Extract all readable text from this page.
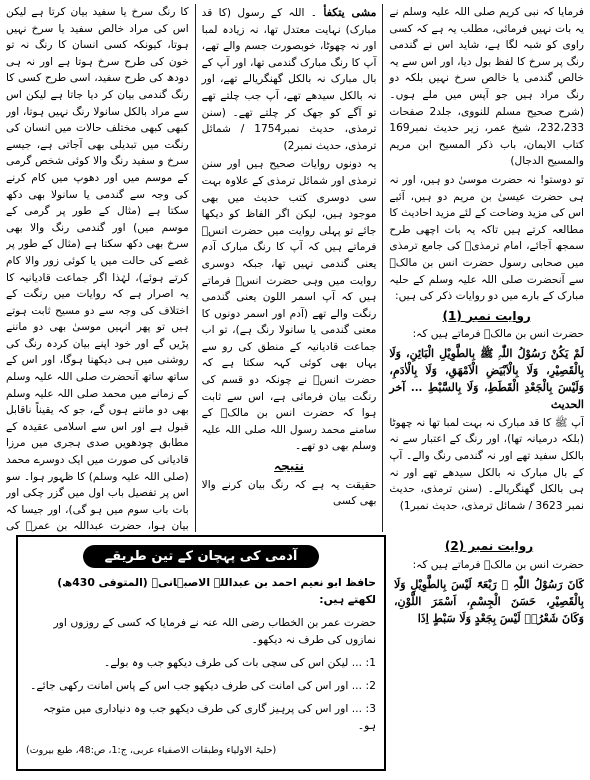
فرمایا کہ نبی کریم صلی اللہ علیہ وسلم نے یہ بات نہیں فرمائی، مطلب یہ ہے کہ کسی راوی کو شبہ لگا ہے، شاید اس نے گندمی رنگ پر سرخ کا لفظ بول دیا، اور اس سے یہ خالص گندمی یا خالص سرخ نہیں بلکہ دو رنگ مراد ہیں جو آپس میں ملے ہوں۔ (شرح صحیح مسلم للنووی، جلد2 صفحات 232،233، شیخ عمر، زیر حدیث نمبر169 کتاب الایمان، باب ذکر المسیح ابن مریم والمسیح الدجال)

تو دوستو! نہ حضرت موسیٰ دو ہیں، اور نہ ہی حضرت عیسیٰ بن مریم دو ہیں، آئیے اس کی مزید وضاحت کے لئے مزید احادیث کا مطالعہ کرتے ہیں تاکہ یہ بات اچھی طرح سمجھ آجائے، امام ترمذیؒ کی جامع ترمذی میں صحابی رسول حضرت انس بن مالکؓ سے آنحضرت صلی اللہ علیہ وسلم کے حلیہ مبارک کے بارے میں دو روایات ذکر کی ہیں:

روایت نمبر (1)

حضرت انس بن مالکؓ فرماتے ہیں کہ:

لَمْ یَکُنْ رَسُوْلُ اللّٰہِ ﷺ بِالطَّوِیْلِ الْبَائِنِ، وَلَا بِالْقَصِیْرِ، وَلَا بِالْاَبْیَضِ الْاَمْھَقِ، وَلَا بِالْاٰدَمِ، وَلَیْسَ بِالْجَعْدِ الْقَطَطِ، وَلَا بِالسَّبْطِ ... آخر الحدیث

آپ ﷺ کا قد مبارک نہ بہت لمبا تھا نہ چھوٹا (بلکہ درمیانہ تھا)، اور رنگ کے اعتبار سے نہ بالکل سفید تھے اور نہ گندمی رنگ والے۔ آپ کے بال مبارک نہ بالکل سیدھے تھے اور نہ ہی بالکل گھنگریالے۔ (سنن ترمذی، حدیث نمبر 3623 / شمائل ترمذی، حدیث نمبر1)

مشی یتکفأ ۔ اللہ کے رسول (کا قد مبارک) نہایت معتدل تھا، نہ زیادہ لمبا اور نہ چھوٹا، خوبصورت جسم والے تھے، آپ کا رنگ مبارک گندمی تھا، اور آپ کے بال مبارک نہ بالکل گھنگریالے تھے، اور نہ بالکل سیدھے تھے، آپ جب چلتے تھے تو آگے کو جھک کر چلتے تھے۔ (سنن ترمذی، حدیث نمبر1754 / شمائل ترمذی، حدیث نمبر2)

یہ دونوں روایات صحیح ہیں اور سنن ترمذی اور شمائل ترمذی کے علاوہ بہت سی دوسری کتب حدیث میں بھی موجود ہیں، لیکن اگر الفاظ کو دیکھا جائے تو پہلی روایت میں حضرت انسؓ فرماتے ہیں کہ آپ کا رنگ مبارک آدم یعنی گندمی نہیں تھا، جبکہ دوسری روایت میں وہی حضرت انسؓ فرماتے ہیں کہ آپ اسمر اللون یعنی گندمی رنگت والے تھے (آدم اور اسمر دونوں کا معنی گندمی یا سانولا رنگ ہے)، تو اب جماعت قادیانیہ کے منطق کی رو سے یہاں بھی کوئی کہہ سکتا ہے کہ حضرت انسؓ نے چونکہ دو قسم کی رنگت بیان فرمائی ہے، اس سے ثابت ہوا کہ حضرت انس بن مالکؓ کے سامنے محمد رسول اللہ صلی اللہ علیہ وسلم بھی دو تھے۔

نتیجہ

حقیقت یہ ہے کہ رنگ بیان کرنے والا بھی کسی

کا رنگ سرخ یا سفید بیان کرتا ہے لیکن اس کی مراد خالص سفید یا سرخ نہیں ہوتا، کیونکہ کسی انسان کا رنگ نہ تو خون کی طرح سرخ ہوتا ہے اور نہ ہی دودھ کی طرح سفید، اسی طرح کسی کا رنگ گندمی بیان کر دیا جاتا ہے لیکن اس سے مراد بالکل سانولا رنگ نہیں ہوتا، اور کبھی کبھی مختلف حالات میں انسان کی رنگت میں تبدیلی بھی آجاتی ہے، جیسے سرخ و سفید رنگ والا کوئی شخص گرمی کے موسم میں اور دھوپ میں کام کرنے کی وجہ سے گندمی یا سانولا بھی دکھ سکتا ہے (مثال کے طور پر گرمی کے موسم میں) اور گندمی رنگ والا بھی سرخ بھی دکھ سکتا ہے (مثال کے طور پر غصے کی حالت میں یا کوئی زور والا کام کرتے ہوئے)، لہٰذا اگر جماعت قادیانیہ کا یہ اصرار ہے کہ روایات میں رنگت کے اختلاف کی وجہ سے دو مسیح ثابت ہوتے ہیں تو پھر انہیں موسیٰ بھی دو ماننے پڑیں گے اور خود اپنے بیان کردہ رنگ کی روشنی میں ہی دیکھنا ہوگا، اور اس کے ساتھ ساتھ آنحضرت صلی اللہ علیہ وسلم کے زمانے میں محمد صلی اللہ علیہ وسلم بھی دو ماننے ہوں گے، جو کہ یقیناً ناقابل قبول ہے اور اس سے اسلامی عقیدہ کے مطابق چودھویں صدی ہجری میں مرزا قادیانی کی صورت میں ایک دوسرے محمد (صلی اللہ علیہ وسلم) کا ظہور ہوا۔ سو اس پر تفصیل باب اول میں گزر چکی اور بات باب سوم میں ہو گی)، اور جیسا کہ بیان ہوا، حضرت عبداللہ بن عمرؓ کی

آدمی کی پہچان کے تین طریقے

حافظ ابو نعیم احمد بن عبداللہ الاصبہانیؒ (المتوفی 430ھ) لکھتے ہیں:

حضرت عمر بن الخطاب رضی اللہ عنہ نے فرمایا کہ کسی کے روزوں اور نمازوں کی طرف نہ دیکھو۔

1: ... لیکن اس کی سچی بات کی طرف دیکھو جب وہ بولے۔

2: ... اور اس کی امانت کی طرف دیکھو جب اس کے پاس امانت رکھی جائے۔

3: ... اور اس کی پرہیز گاری کی طرف دیکھو جب وہ دنیاداری میں متوجہ ہو۔

(حلیۃ الاولیاء وطبقات الاصفیاء عربی، ج:1، ص:48، طبع بیروت)

روایت نمبر (2)

حضرت انس بن مالکؓ فرماتے ہیں کہ:

کَانَ رَسُوْلُ اللّٰہِ ﷺ رَبْعَۃً لَیْسَ بِالطَّوِیْلِ وَلَا بِالْقَصِیْرِ، حَسَنَ الْجِسْمِ، اَسْمَرَ اللَّوْنِ، وَکَانَ شَعْرُہٗ لَیْسَ بِجَعْدٍ وَلَا سَبْطٍ اِذَا
